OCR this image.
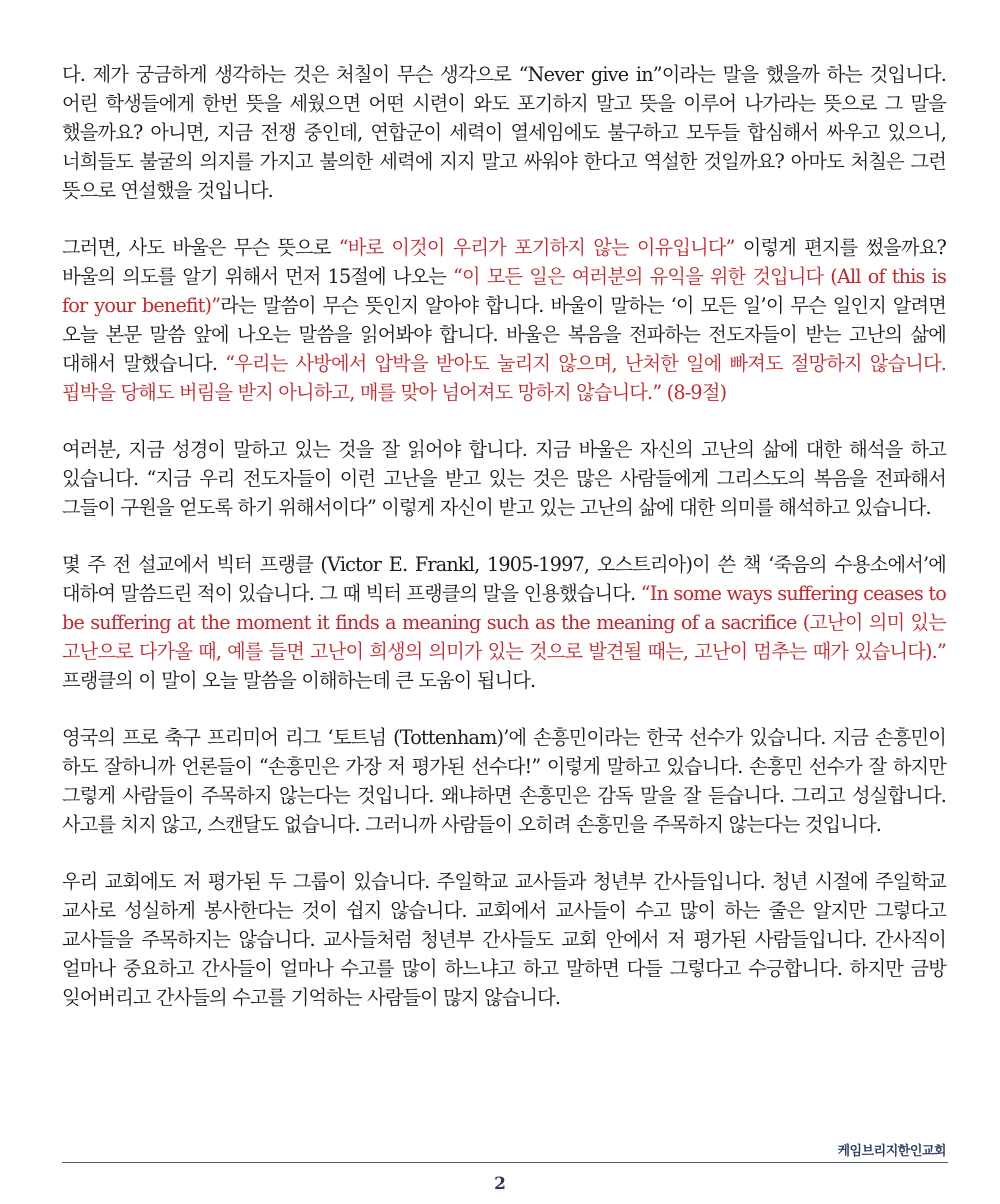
다. 제가 궁금하게 생각하는 것은 처칠이 무슨 생각으로 “Never give in”이라는 말을 했을까 하는 것입니다. 어린 학생들에게 한번 뜻을 세웠으면 어떤 시련이 와도 포기하지 말고 뜻을 이루어 나가라는 뜻으로 그 말을 했을까요? 아니면, 지금 전쟁 중인데, 연합군이 세력이 열세임에도 불구하고 모두들 합심해서 싸우고 있으니, 너희들도 불굴의 의지를 가지고 불의한 세력에 지지 말고 싸워야 한다고 역설한 것일까요? 아마도 처칠은 그런 뜻으로 연설했을 것입니다.

그러면, 사도 바울은 무슨 뜻으로 “바로 이것이 우리가 포기하지 않는 이유입니다” 이렇게 편지를 썼을까요? 바울의 의도를 알기 위해서 먼저 15절에 나오는 “이 모든 일은 여러분의 유익을 위한 것입니다 (All of this is for your benefit)”라는 말씀이 무슨 뜻인지 알아야 합니다. 바울이 말하는 ‘이 모든 일’이 무슨 일인지 알려면 오늘 본문 말씀 앞에 나오는 말씀을 읽어봐야 합니다. 바울은 복음을 전파하는 전도자들이 받는 고난의 삶에 대해서 말했습니다. “우리는 사방에서 압박을 받아도 눌리지 않으며, 난처한 일에 빠져도 절망하지 않습니다. 핍박을 당해도 버림을 받지 아니하고, 매를 맞아 넘어져도 망하지 않습니다.” (8-9절)

여러분, 지금 성경이 말하고 있는 것을 잘 읽어야 합니다. 지금 바울은 자신의 고난의 삶에 대한 해석을 하고 있습니다. “지금 우리 전도자들이 이런 고난을 받고 있는 것은 많은 사람들에게 그리스도의 복음을 전파해서 그들이 구원을 얻도록 하기 위해서이다” 이렇게 자신이 받고 있는 고난의 삶에 대한 의미를 해석하고 있습니다.

몇 주 전 설교에서 빅터 프랭클 (Victor E. Frankl, 1905-1997, 오스트리아)이 쓴 책 ‘죽음의 수용소에서’에 대하여 말씀드린 적이 있습니다. 그 때 빅터 프랭클의 말을 인용했습니다. “In some ways suffering ceases to be suffering at the moment it finds a meaning such as the meaning of a sacrifice (고난이 의미 있는 고난으로 다가올 때, 예를 들면 고난이 희생의 의미가 있는 것으로 발견될 때는, 고난이 멈추는 때가 있습니다).” 프랭클의 이 말이 오늘 말씀을 이해하는데 큰 도움이 됩니다.

영국의 프로 축구 프리미어 리그 ‘토트넘 (Tottenham)’에 손흥민이라는 한국 선수가 있습니다. 지금 손흥민이 하도 잘하니까 언론들이 “손흥민은 가장 저 평가된 선수다!” 이렇게 말하고 있습니다. 손흥민 선수가 잘 하지만 그렇게 사람들이 주목하지 않는다는 것입니다. 왜냐하면 손흥민은 감독 말을 잘 듣습니다. 그리고 성실합니다. 사고를 치지 않고, 스캔달도 없습니다. 그러니까 사람들이 오히려 손흥민을 주목하지 않는다는 것입니다.

우리 교회에도 저 평가된 두 그룹이 있습니다. 주일학교 교사들과 청년부 간사들입니다. 청년 시절에 주일학교 교사로 성실하게 봉사한다는 것이 쉽지 않습니다. 교회에서 교사들이 수고 많이 하는 줄은 알지만 그렇다고 교사들을 주목하지는 않습니다. 교사들처럼 청년부 간사들도 교회 안에서 저 평가된 사람들입니다. 간사직이 얼마나 중요하고 간사들이 얼마나 수고를 많이 하느냐고 하고 말하면 다들 그렇다고 수긍합니다. 하지만 금방 잊어버리고 간사들의 수고를 기억하는 사람들이 많지 않습니다.

케임브리지한인교회
2
